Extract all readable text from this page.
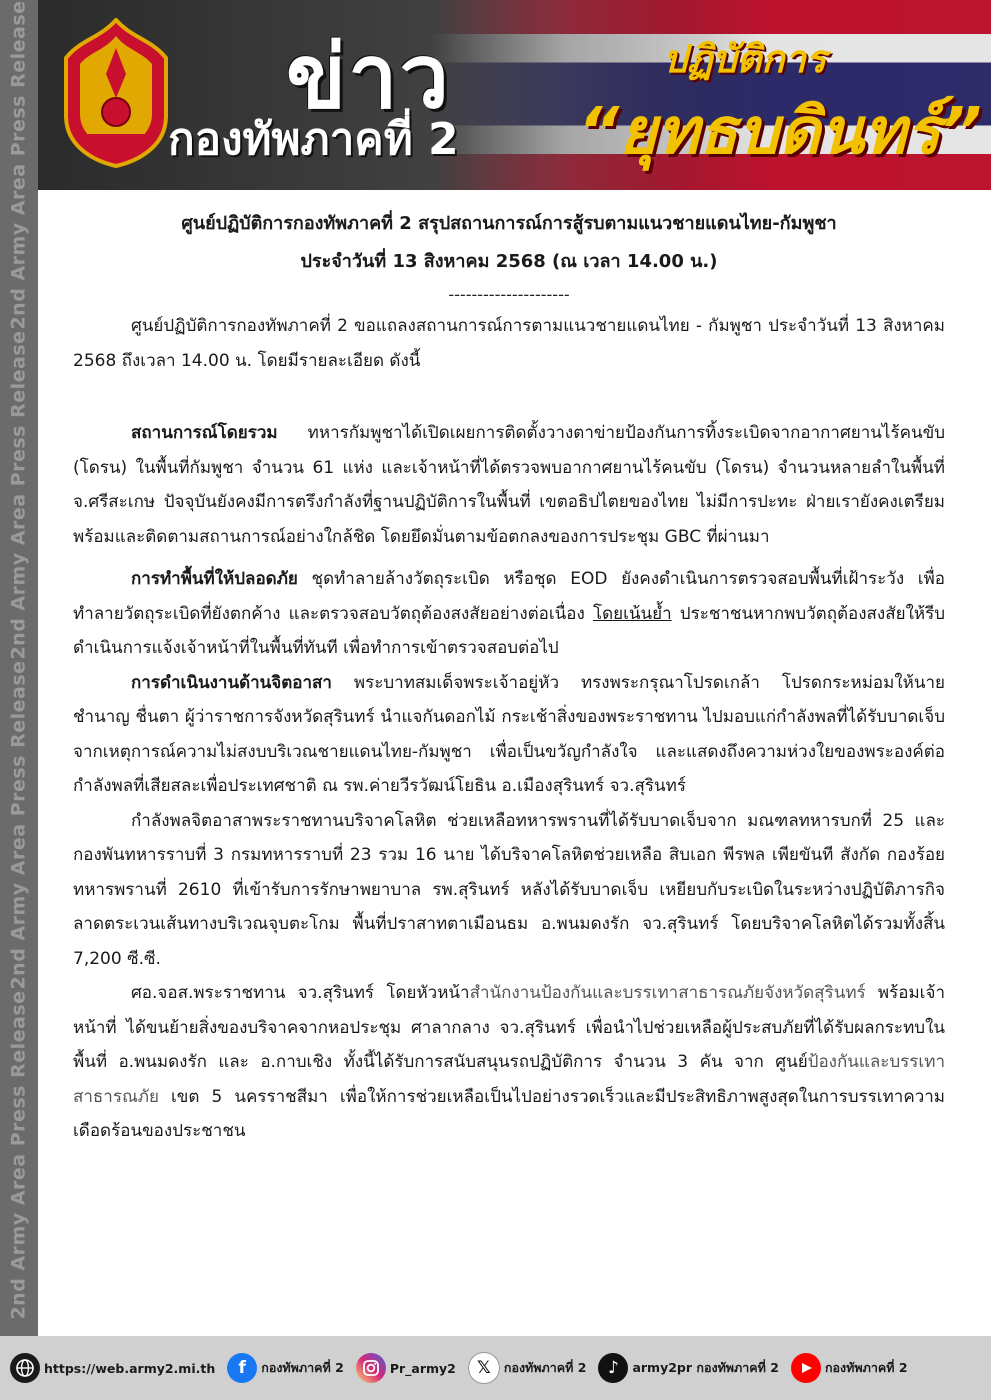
2nd Army Area Press Release
2nd Army Area Press Release
2nd Army Area Press Release
2nd Army Area Press Release
ข่าว
กองทัพภาคที่ 2
ปฏิบัติการ
“ยุทธบดินทร์”
ศูนย์ปฏิบัติการกองทัพภาคที่ 2 สรุปสถานการณ์การสู้รบตามแนวชายแดนไทย-กัมพูชา
ประจำวันที่ 13 สิงหาคม 2568 (ณ เวลา 14.00 น.)
---------------------

ศูนย์ปฏิบัติการกองทัพภาคที่ 2 ขอแถลงสถานการณ์การตามแนวชายแดนไทย - กัมพูชา ประจำวันที่ 13 สิงหาคม 2568 ถึงเวลา 14.00 น. โดยมีรายละเอียด ดังนี้

สถานการณ์โดยรวม ทหารกัมพูชาได้เปิดเผยการติดตั้งวางตาข่ายป้องกันการทิ้งระเบิดจากอากาศยานไร้คนขับ (โดรน) ในพื้นที่กัมพูชา จำนวน 61 แห่ง และเจ้าหน้าที่ได้ตรวจพบอากาศยานไร้คนขับ (โดรน) จำนวนหลายลำในพื้นที่ จ.ศรีสะเกษ ปัจจุบันยังคงมีการตรึงกำลังที่ฐานปฏิบัติการในพื้นที่ เขตอธิปไตยของไทย ไม่มีการปะทะ ฝ่ายเรายังคงเตรียมพร้อมและติดตามสถานการณ์อย่างใกล้ชิด โดยยึดมั่นตามข้อตกลงของการประชุม GBC ที่ผ่านมา

การทำพื้นที่ให้ปลอดภัย ชุดทำลายล้างวัตถุระเบิด หรือชุด EOD ยังคงดำเนินการตรวจสอบพื้นที่เฝ้าระวัง เพื่อทำลายวัตถุระเบิดที่ยังตกค้าง และตรวจสอบวัตถุต้องสงสัยอย่างต่อเนื่อง โดยเน้นย้ำ ประชาชนหากพบวัตถุต้องสงสัยให้รีบดำเนินการแจ้งเจ้าหน้าที่ในพื้นที่ทันที เพื่อทำการเข้าตรวจสอบต่อไป

การดำเนินงานด้านจิตอาสา พระบาทสมเด็จพระเจ้าอยู่หัว ทรงพระกรุณาโปรดเกล้า โปรดกระหม่อมให้นายชำนาญ ชื่นตา ผู้ว่าราชการจังหวัดสุรินทร์ นำแจกันดอกไม้ กระเช้าสิ่งของพระราชทาน ไปมอบแก่กำลังพลที่ได้รับบาดเจ็บจากเหตุการณ์ความไม่สงบบริเวณชายแดนไทย-กัมพูชา เพื่อเป็นขวัญกำลังใจ และแสดงถึงความห่วงใยของพระองค์ต่อกำลังพลที่เสียสละเพื่อประเทศชาติ ณ รพ.ค่ายวีรวัฒน์โยธิน อ.เมืองสุรินทร์ จว.สุรินทร์

กำลังพลจิตอาสาพระราชทานบริจาคโลหิต ช่วยเหลือทหารพรานที่ได้รับบาดเจ็บจาก มณฑลทหารบกที่ 25 และ กองพันทหารราบที่ 3 กรมทหารราบที่ 23 รวม 16 นาย ได้บริจาคโลหิตช่วยเหลือ สิบเอก พีรพล เพียขันที สังกัด กองร้อยทหารพรานที่ 2610 ที่เข้ารับการรักษาพยาบาล รพ.สุรินทร์ หลังได้รับบาดเจ็บ เหยียบกับระเบิดในระหว่างปฏิบัติภารกิจลาดตระเวนเส้นทางบริเวณจุบตะโกม พื้นที่ปราสาทตาเมือนธม อ.พนมดงรัก จว.สุรินทร์ โดยบริจาคโลหิตได้รวมทั้งสิ้น 7,200 ซี.ซี.

ศอ.จอส.พระราชทาน จว.สุรินทร์ โดยหัวหน้าสำนักงานป้องกันและบรรเทาสาธารณภัยจังหวัดสุรินทร์ พร้อมเจ้าหน้าที่ ได้ขนย้ายสิ่งของบริจาคจากหอประชุม ศาลากลาง จว.สุรินทร์ เพื่อนำไปช่วยเหลือผู้ประสบภัยที่ได้รับผลกระทบในพื้นที่ อ.พนมดงรัก และ อ.กาบเชิง ทั้งนี้ได้รับการสนับสนุนรถปฏิบัติการ จำนวน 3 คัน จาก ศูนย์ป้องกันและบรรเทาสาธารณภัย เขต 5 นครราชสีมา เพื่อให้การช่วยเหลือเป็นไปอย่างรวดเร็วและมีประสิทธิภาพสูงสุดในการบรรเทาความเดือดร้อนของประชาชน

https://web.army2.mi.th	f	กองทัพภาคที่ 2	Pr_army2	𝕏	กองทัพภาคที่ 2	♪	army2pr กองทัพภาคที่ 2	กองทัพภาคที่ 2
